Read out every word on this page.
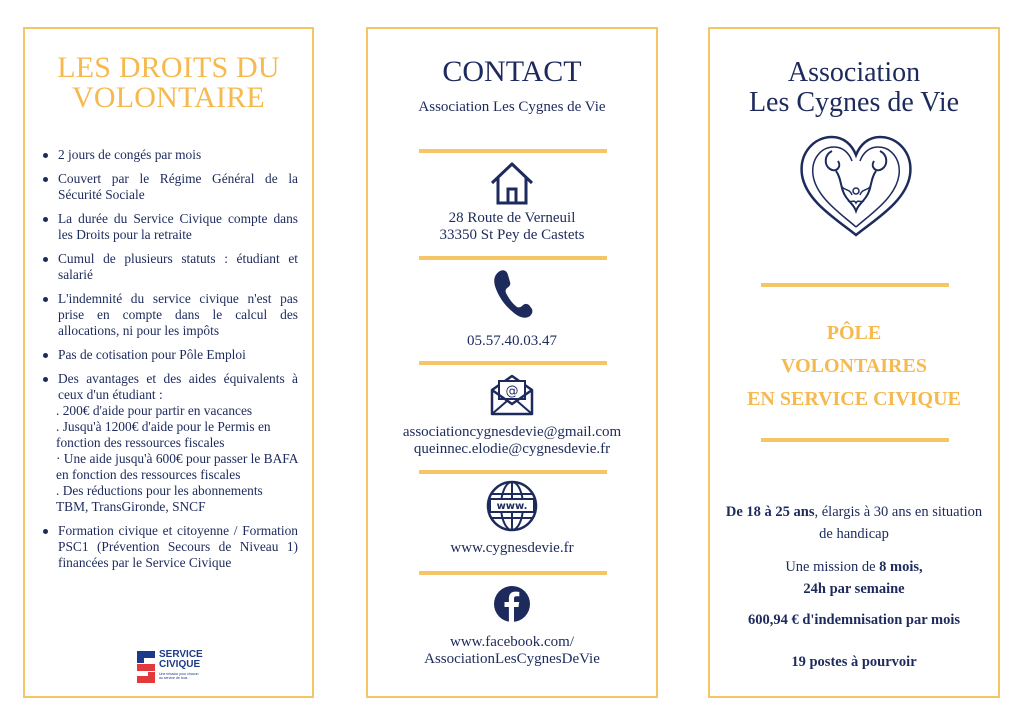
LES DROITS DU
VOLONTAIRE
2 jours de congés par mois
Couvert par le Régime Général de la Sécurité Sociale
La durée du Service Civique compte dans les Droits pour la retraite
Cumul de plusieurs statuts : étudiant et salarié
L'indemnité du service civique n'est pas prise en compte dans le calcul des allocations, ni pour les impôts
Pas de cotisation pour Pôle Emploi
Des avantages et des aides équivalents à ceux d'un étudiant :
. 200€ d'aide pour partir en vacances
. Jusqu'à 1200€ d'aide pour le Permis en fonction des ressources fiscales
· Une aide jusqu'à 600€ pour passer le BAFA en fonction des ressources fiscales
. Des réductions pour les abonnements TBM, TransGironde, SNCF
Formation civique et citoyenne / Formation PSC1 (Prévention Secours de Niveau 1) financées par le Service Civique
SERVICE
CIVIQUE
Une mission pour chacun au service de tous
CONTACT
Association Les Cygnes de Vie
28 Route de Verneuil
33350 St Pey de Castets
05.57.40.03.47
@
associationcygnesdevie@gmail.com
queinnec.elodie@cygnesdevie.fr
www.
www.cygnesdevie.fr
www.facebook.com/
AssociationLesCygnesDeVie
Association
Les Cygnes de Vie
PÔLE
VOLONTAIRES
EN SERVICE CIVIQUE
De 18 à 25 ans, élargis à 30 ans en situation de handicap
Une mission de 8 mois,
24h par semaine
600,94 € d'indemnisation par mois
19 postes à pourvoir
